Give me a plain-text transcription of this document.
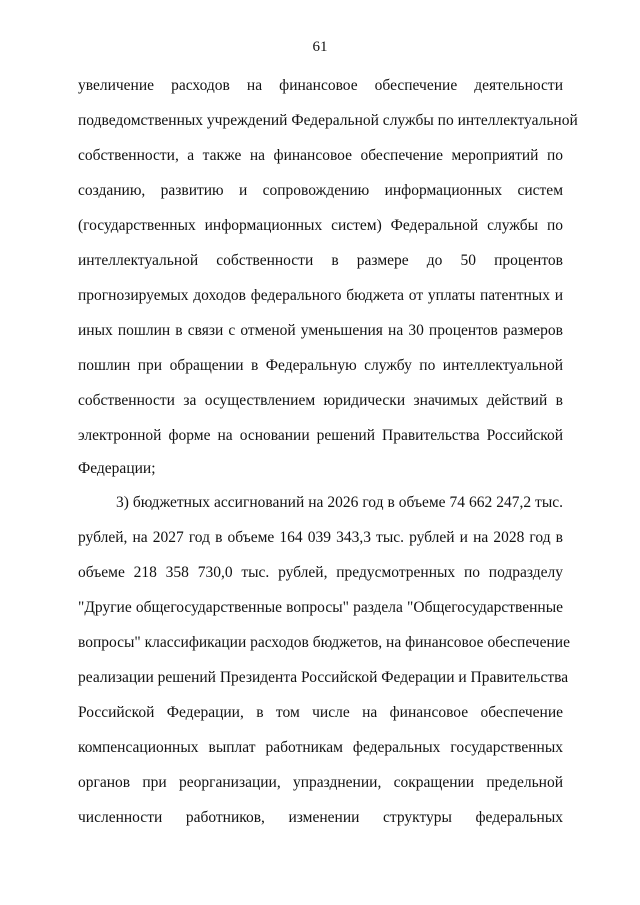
61
увеличение расходов на финансовое обеспечение деятельности
подведомственных учреждений Федеральной службы по интеллектуальной
собственности, а также на финансовое обеспечение мероприятий по
созданию, развитию и сопровождению информационных систем
(государственных информационных систем) Федеральной службы по
интеллектуальной собственности в размере до 50 процентов
прогнозируемых доходов федерального бюджета от уплаты патентных и
иных пошлин в связи с отменой уменьшения на 30 процентов размеров
пошлин при обращении в Федеральную службу по интеллектуальной
собственности за осуществлением юридически значимых действий в
электронной форме на основании решений Правительства Российской
Федерации;
3) бюджетных ассигнований на 2026 год в объеме 74 662 247,2 тыс.
рублей, на 2027 год в объеме 164 039 343,3 тыс. рублей и на 2028 год в
объеме 218 358 730,0 тыс. рублей, предусмотренных по подразделу
"Другие общегосударственные вопросы" раздела "Общегосударственные
вопросы" классификации расходов бюджетов, на финансовое обеспечение
реализации решений Президента Российской Федерации и Правительства
Российской Федерации, в том числе на финансовое обеспечение
компенсационных выплат работникам федеральных государственных
органов при реорганизации, упразднении, сокращении предельной
численности работников, изменении структуры федеральных
